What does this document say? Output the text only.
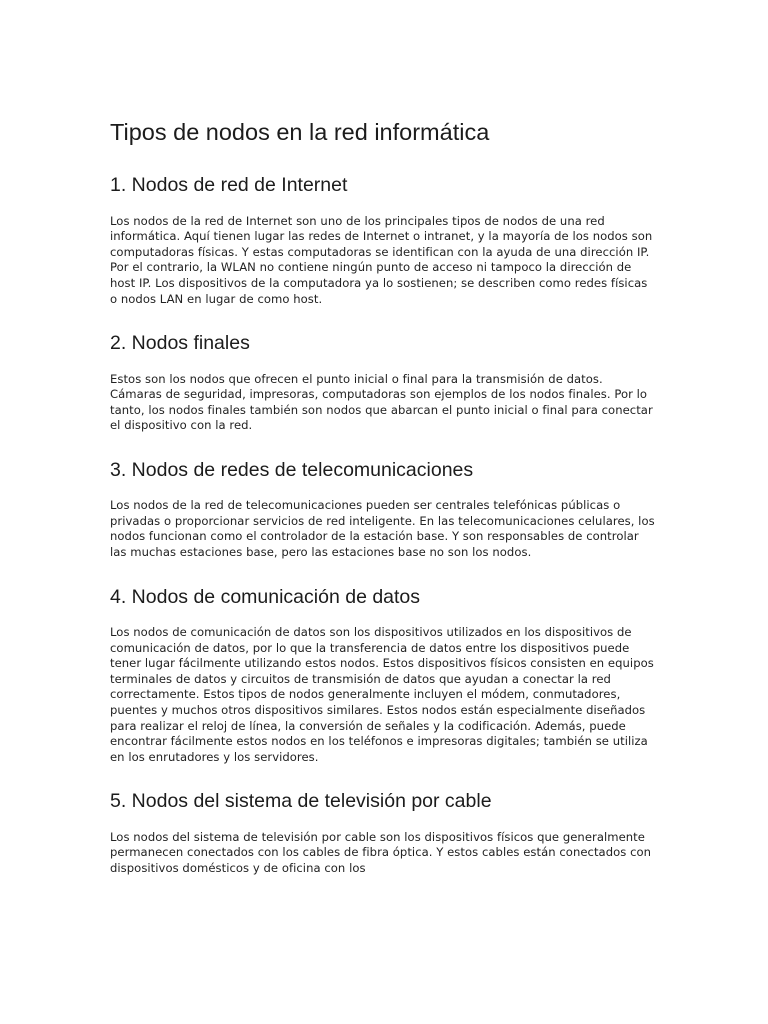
Tipos de nodos en la red informática
1. Nodos de red de Internet

Los nodos de la red de Internet son uno de los principales tipos de nodos de una red informática. Aquí tienen lugar las redes de Internet o intranet, y la mayoría de los nodos son computadoras físicas. Y estas computadoras se identifican con la ayuda de una dirección IP. Por el contrario, la WLAN no contiene ningún punto de acceso ni tampoco la dirección de host IP. Los dispositivos de la computadora ya lo sostienen; se describen como redes físicas o nodos LAN en lugar de como host.

2. Nodos finales

Estos son los nodos que ofrecen el punto inicial o final para la transmisión de datos. Cámaras de seguridad, impresoras, computadoras son ejemplos de los nodos finales. Por lo tanto, los nodos finales también son nodos que abarcan el punto inicial o final para conectar el dispositivo con la red.

3. Nodos de redes de telecomunicaciones

Los nodos de la red de telecomunicaciones pueden ser centrales telefónicas públicas o privadas o proporcionar servicios de red inteligente. En las telecomunicaciones celulares, los nodos funcionan como el controlador de la estación base. Y son responsables de controlar las muchas estaciones base, pero las estaciones base no son los nodos.

4. Nodos de comunicación de datos

Los nodos de comunicación de datos son los dispositivos utilizados en los dispositivos de comunicación de datos, por lo que la transferencia de datos entre los dispositivos puede tener lugar fácilmente utilizando estos nodos. Estos dispositivos físicos consisten en equipos terminales de datos y circuitos de transmisión de datos que ayudan a conectar la red correctamente. Estos tipos de nodos generalmente incluyen el módem, conmutadores, puentes y muchos otros dispositivos similares. Estos nodos están especialmente diseñados para realizar el reloj de línea, la conversión de señales y la codificación. Además, puede encontrar fácilmente estos nodos en los teléfonos e impresoras digitales; también se utiliza en los enrutadores y los servidores.

5. Nodos del sistema de televisión por cable

Los nodos del sistema de televisión por cable son los dispositivos físicos que generalmente permanecen conectados con los cables de fibra óptica. Y estos cables están conectados con dispositivos domésticos y de oficina con los
